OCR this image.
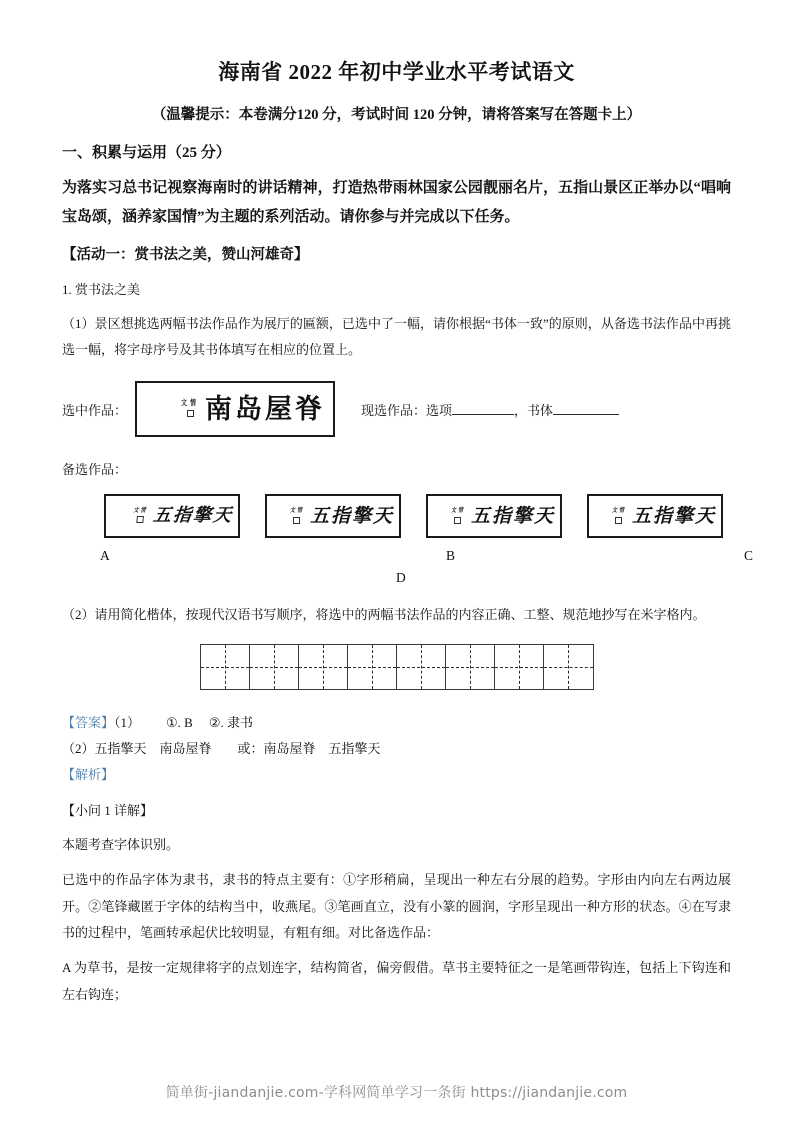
海南省 2022 年初中学业水平考试语文

（温馨提示：本卷满分120 分，考试时间 120 分钟，请将答案写在答题卡上）

一、积累与运用（25 分）

为落实习总书记视察海南时的讲话精神，打造热带雨林国家公园靓丽名片，五指山景区正举办以“唱响宝岛颂，涵养家国情”为主题的系列活动。请你参与并完成以下任务。

【活动一：赏书法之美，赞山河雄奇】

1. 赏书法之美

（1）景区想挑选两幅书法作品作为展厅的匾额，已选中了一幅，请你根据“书体一致”的原则，从备选书法作品中再挑选一幅，将字母序号及其书体填写在相应的位置上。

选中作品：	南岛屋脊
文情	现选作品：选项	，书体
备选作品：
五指擎天
文情	五指擎天
文情	五指擎天
文情	五指擎天
文情
A	B	C
D

（2）请用简化楷体，按现代汉语书写顺序，将选中的两幅书法作品的内容正确、工整、规范地抄写在米字格内。

【答案】（1） ①. B ②. 隶书

（2）五指擎天　南岛屋脊　　或：南岛屋脊　五指擎天

【解析】

【小问 1 详解】

本题考查字体识别。

已选中的作品字体为隶书，隶书的特点主要有：①字形稍扁，呈现出一种左右分展的趋势。字形由内向左右两边展开。②笔锋藏匿于字体的结构当中，收燕尾。③笔画直立，没有小篆的圆润，字形呈现出一种方形的状态。④在写隶书的过程中，笔画转承起伏比较明显，有粗有细。对比备选作品：

A 为草书，是按一定规律将字的点划连字，结构简省，偏旁假借。草书主要特征之一是笔画带钩连，包括上下钩连和左右钩连；

简单街-jiandanjie.com-学科网简单学习一条街 https://jiandanjie.com
